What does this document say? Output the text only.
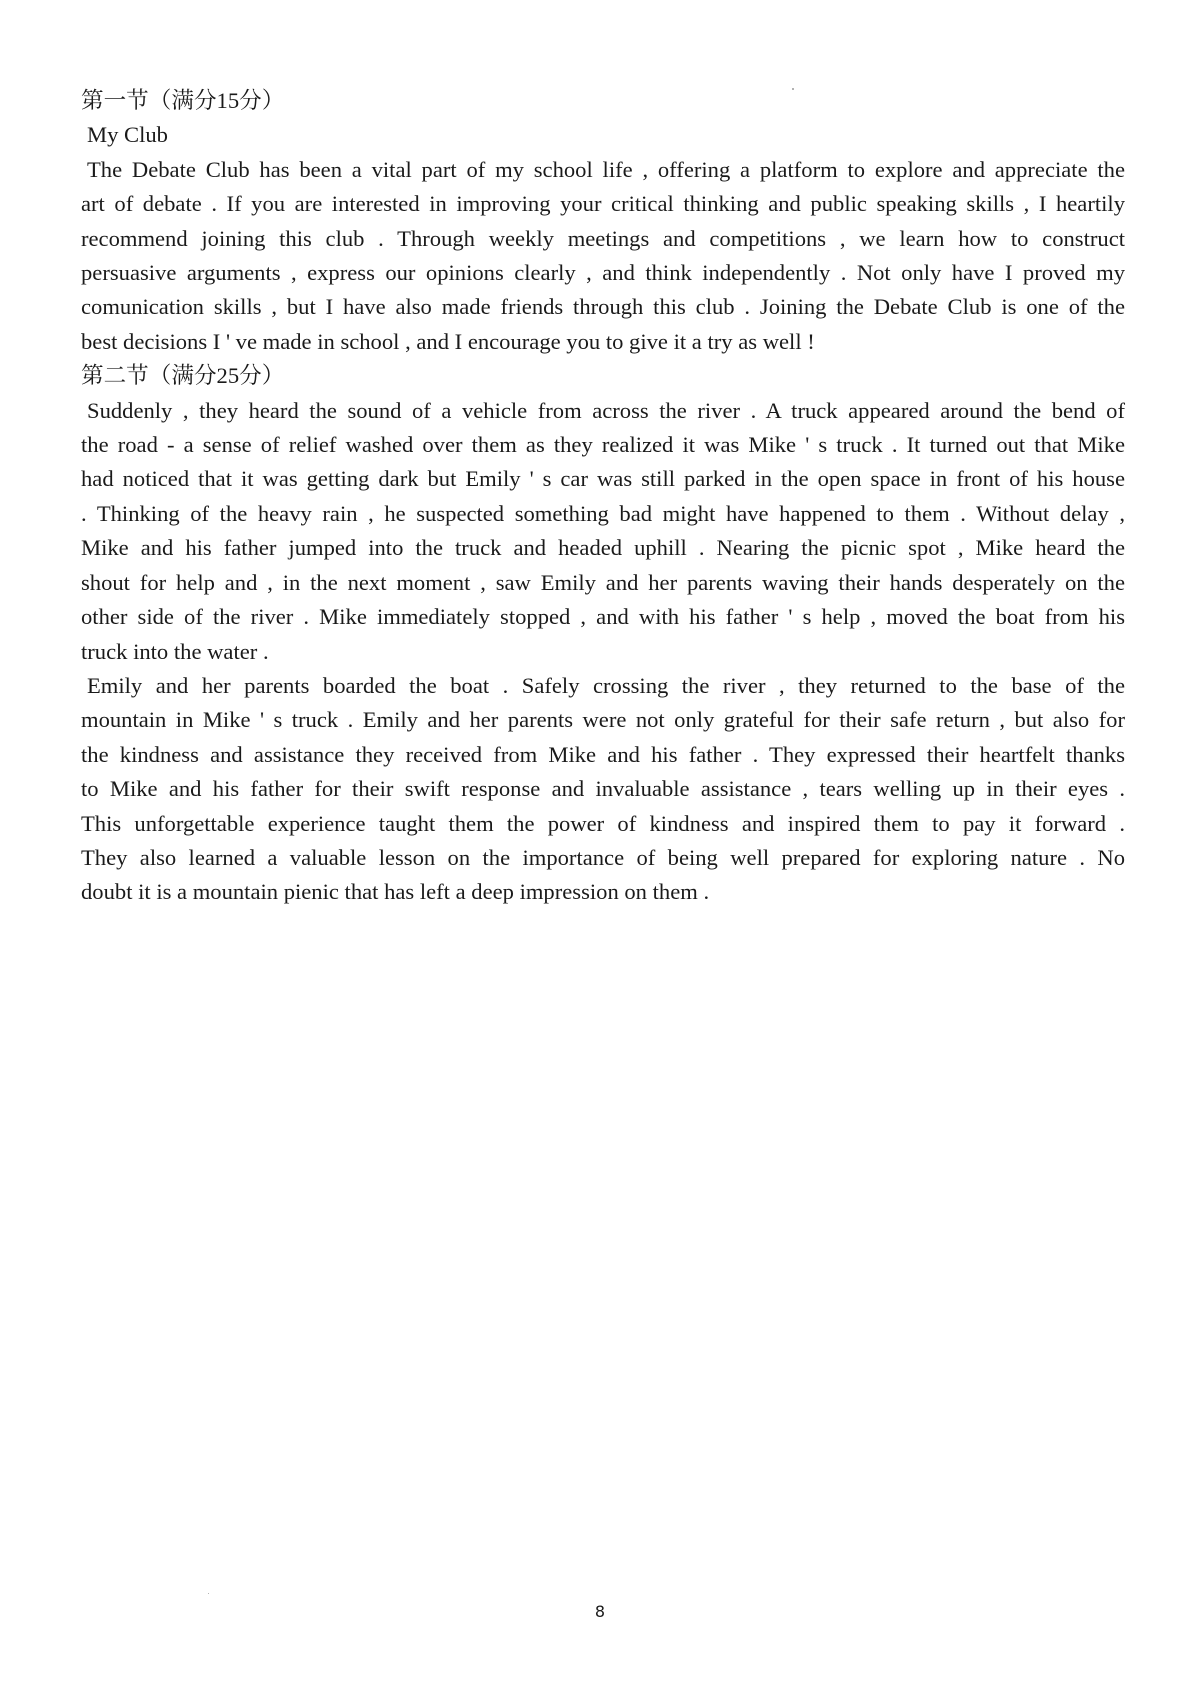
第一节（满分15分）
My Club
The Debate Club has been a vital part of my school life , offering a platform to explore and appreciate the
art of debate . If you are interested in improving your critical thinking and public speaking skills , I heartily
recommend joining this club . Through weekly meetings and competitions , we learn how to construct
persuasive arguments , express our opinions clearly , and think independently . Not only have I proved my
comunication skills , but I have also made friends through this club . Joining the Debate Club is one of the
best decisions I ' ve made in school , and I encourage you to give it a try as well !
第二节（满分25分）
Suddenly , they heard the sound of a vehicle from across the river . A truck appeared around the bend of
the road - a sense of relief washed over them as they realized it was Mike ' s truck . It turned out that Mike
had noticed that it was getting dark but Emily ' s car was still parked in the open space in front of his house
. Thinking of the heavy rain , he suspected something bad might have happened to them . Without delay ,
Mike and his father jumped into the truck and headed uphill . Nearing the picnic spot , Mike heard the
shout for help and , in the next moment , saw Emily and her parents waving their hands desperately on the
other side of the river . Mike immediately stopped , and with his father ' s help , moved the boat from his
truck into the water .
Emily and her parents boarded the boat . Safely crossing the river , they returned to the base of the
mountain in Mike ' s truck . Emily and her parents were not only grateful for their safe return , but also for
the kindness and assistance they received from Mike and his father . They expressed their heartfelt thanks
to Mike and his father for their swift response and invaluable assistance , tears welling up in their eyes .
This unforgettable experience taught them the power of kindness and inspired them to pay it forward .
They also learned a valuable lesson on the importance of being well prepared for exploring nature . No
doubt it is a mountain pienic that has left a deep impression on them .
8
